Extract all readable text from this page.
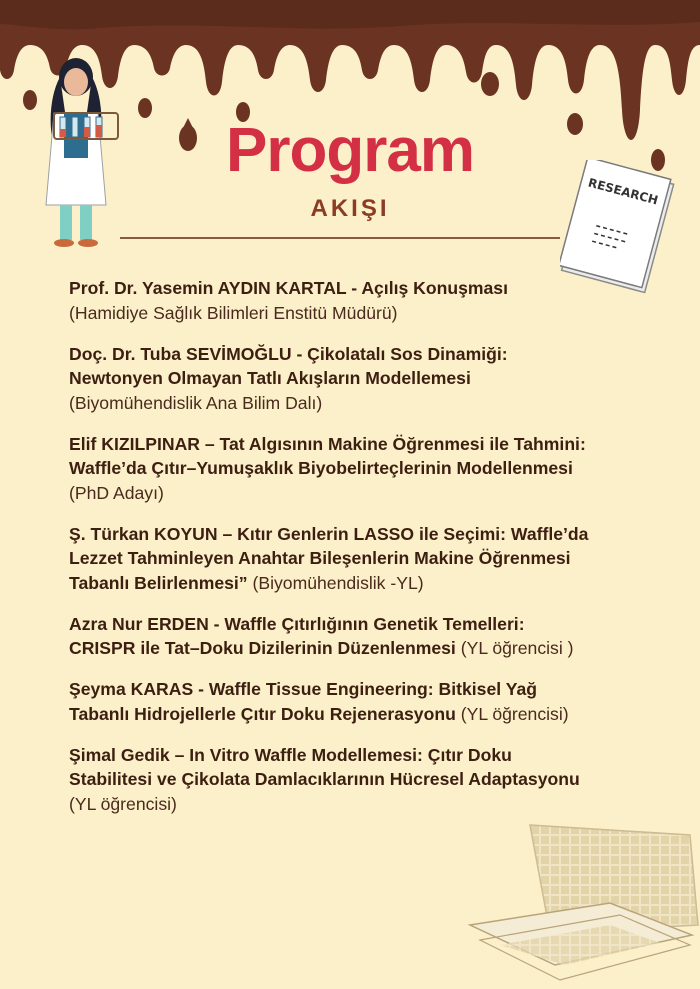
RESEARCH
Program
AKIŞI
Prof. Dr. Yasemin AYDIN KARTAL - Açılış Konuşması (Hamidiye Sağlık Bilimleri Enstitü Müdürü)
Doç. Dr. Tuba SEVİMOĞLU - Çikolatalı Sos Dinamiği: Newtonyen Olmayan Tatlı Akışların Modellemesi (Biyomühendislik Ana Bilim Dalı)
Elif KIZILPINAR – Tat Algısının Makine Öğrenmesi ile Tahmini: Waffle’da Çıtır–Yumuşaklık Biyobelirteçlerinin Modellenmesi (PhD Adayı)
Ş. Türkan KOYUN – Kıtır Genlerin LASSO ile Seçimi: Waffle’da Lezzet Tahminleyen Anahtar Bileşenlerin Makine Öğrenmesi Tabanlı Belirlenmesi” (Biyomühendislik -YL)
Azra Nur ERDEN - Waffle Çıtırlığının Genetik Temelleri: CRISPR ile Tat–Doku Dizilerinin Düzenlenmesi (YL öğrencisi )
Şeyma KARAS - Waffle Tissue Engineering: Bitkisel Yağ Tabanlı Hidrojellerle Çıtır Doku Rejenerasyonu (YL öğrencisi)
Şimal Gedik – In Vitro Waffle Modellemesi: Çıtır Doku Stabilitesi ve Çikolata Damlacıklarının Hücresel Adaptasyonu (YL öğrencisi)
